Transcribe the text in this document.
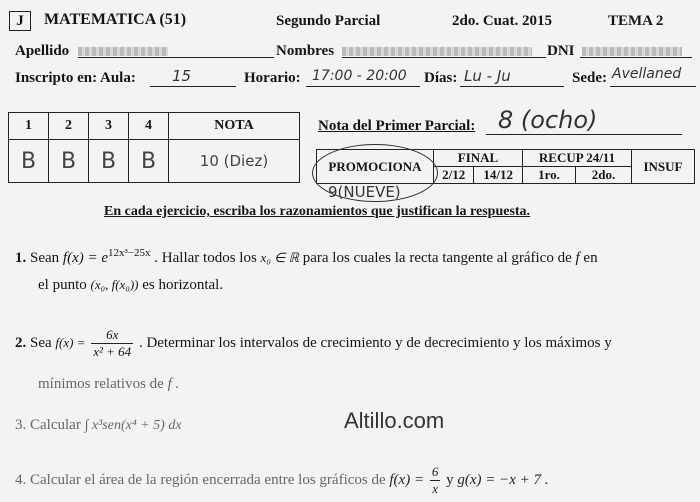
J	MATEMATICA (51)	Segundo Parcial	2do. Cuat. 2015	TEMA 2
Apellido	Nombres	DNI
Inscripto en: Aula: 15	Horario: 17:00 - 20:00 Días: Lu - Ju	Sede: Avellaned
1	2	3	4	NOTA
B	B	B	B	10 (Diez)
Nota del Primer Parcial: 8 (ocho)
PROMOCIONA	FINAL		RECUP 24/11		INSUF
	2/12	14/12	1ro.	2do.	
9(NUEVE)
En cada ejercicio, escriba los razonamientos que justifican la respuesta.
1. Sean $f(x) = e^{12x^3-25x}$ . Hallar todos los x₀ ∈ ℝ para los cuales la recta tangente al gráfico de f en
el punto (x₀, f(x₀)) es horizontal.
2. Sea $f(x) = \frac{6x}{\text{x² + 64}}$ . Determinar los intervalos de crecimiento y de decrecimiento y los máximos y
mínimos relativos de f .
3. Calcular ∫ x³sen(x⁴ + 5) dx	Altillo.com
4. Calcular el área de la región encerrada entre los gráficos de $f(x) = \frac{6}{x}$ y g(x) = −x + 7 .
